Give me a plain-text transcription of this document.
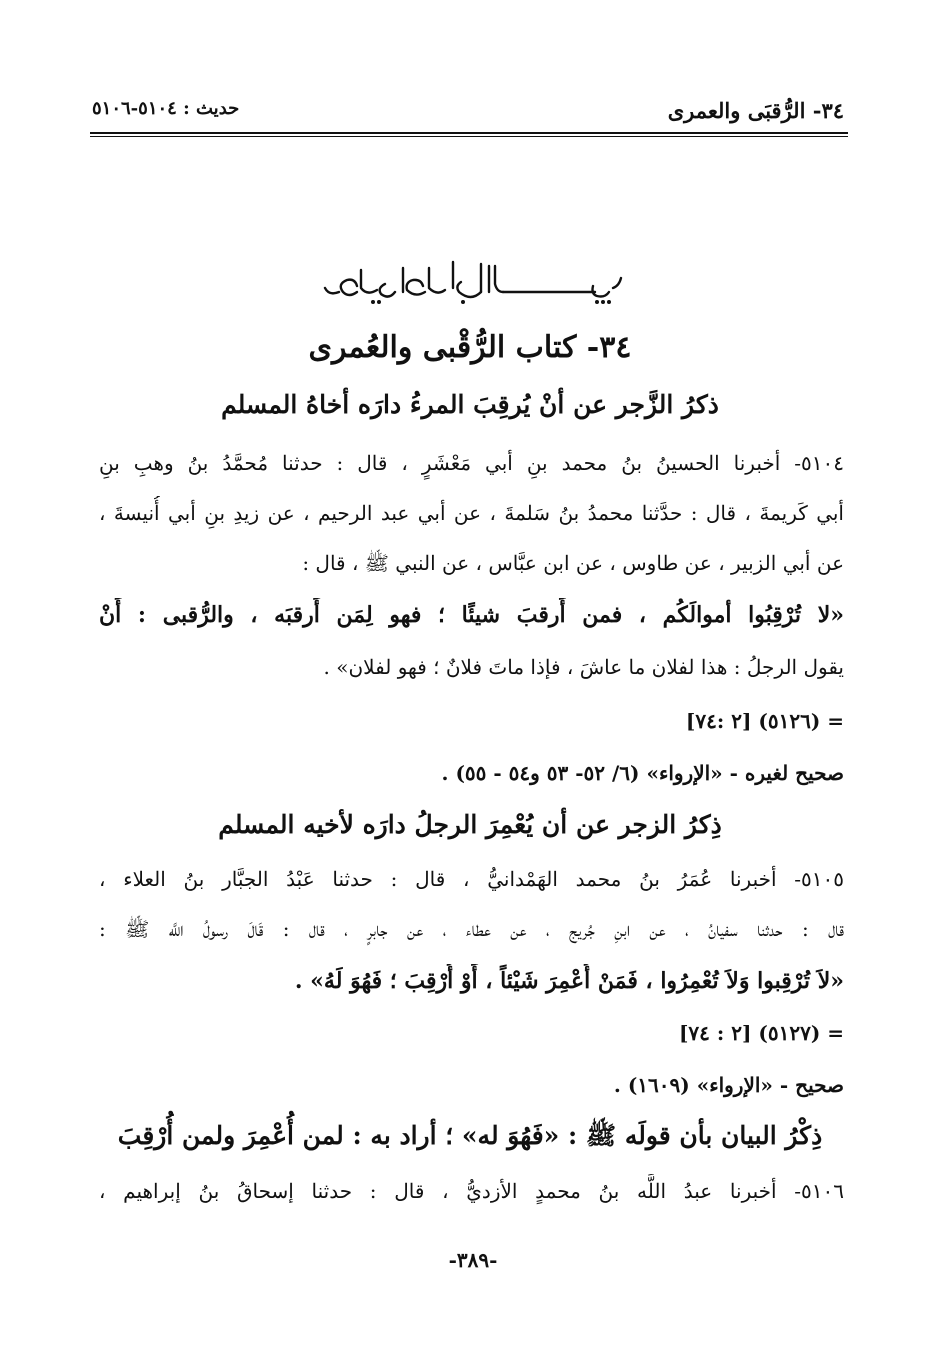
٣٤- الرُّقبَى والعمرى
حديث : ٥١٠٤-٥١٠٦
٣٤- كتاب الرُّقْبى والعُمرى
ذكرُ الزَّجر عن أنْ يُرقِبَ المرءُ دارَه أخاهُ المسلم
٥١٠٤- أخبرنا الحسينُ بنُ محمد بنِ أبي مَعْشَرٍ ، قال : حدثنا مُحمَّدُ بنُ وهبِ بنِ
أبي كَريمةَ ، قال : حدَّثنا محمدُ بنُ سَلمةَ ، عن أبي عبد الرحيم ، عن زيدِ بنِ أبي أُنيسةَ ،
عن أبي الزبير ، عن طاوس ، عن ابن عبَّاس ، عن النبي ﷺ ، قال :
«لا تُرْقِبُوا أموالَكُم ، فمن أَرقبَ شيئًا ؛ فهو لِمَن أَرقبَه ، والرُّقبى : أَنْ
يقول الرجلُ : هذا لفلان ما عاشَ ، فإذا ماتَ فلانٌ ؛ فهو لفلان» .
= (٥١٢٦) [٢ :٧٤]
صحيح لغيره - «الإرواء» (٦/ ٥٢- ٥٣ و٥٤ - ٥٥) .
ذِكرُ الزجر عن أن يُعْمِرَ الرجلُ دارَه لأخيه المسلم
٥١٠٥- أخبرنا عُمَرُ بنُ محمد الهَمْدانيُّ ، قال : حدثنا عَبْدُ الجبَّار بنُ العلاء ،
قال : حدثنا سفيانُ ، عن ابنِ جُريج ، عن عطاء ، عن جابرٍ ، قال : قَالَ رسولُ اللَّه ﷺ :
«لاَ تُرْقِبوا وَلاَ تُعْمِرُوا ، فَمَنْ أُعْمِرَ شَيْئاً ، أَوْ أُرْقِبَ ؛ فَهُوَ لَهُ» .
= (٥١٢٧) [٢ : ٧٤]
صحيح - «الإرواء» (١٦٠٩) .
ذِكْرُ البيان بأن قولَه ﷺ : «فَهُوَ له» ؛ أراد به : لمن أُعْمِرَ ولمن أُرْقِبَ
٥١٠٦- أخبرنا عبدُ اللَّه بنُ محمدٍ الأزديُّ ، قال : حدثنا إسحاقُ بنُ إبراهيم ،
-٣٨٩-
